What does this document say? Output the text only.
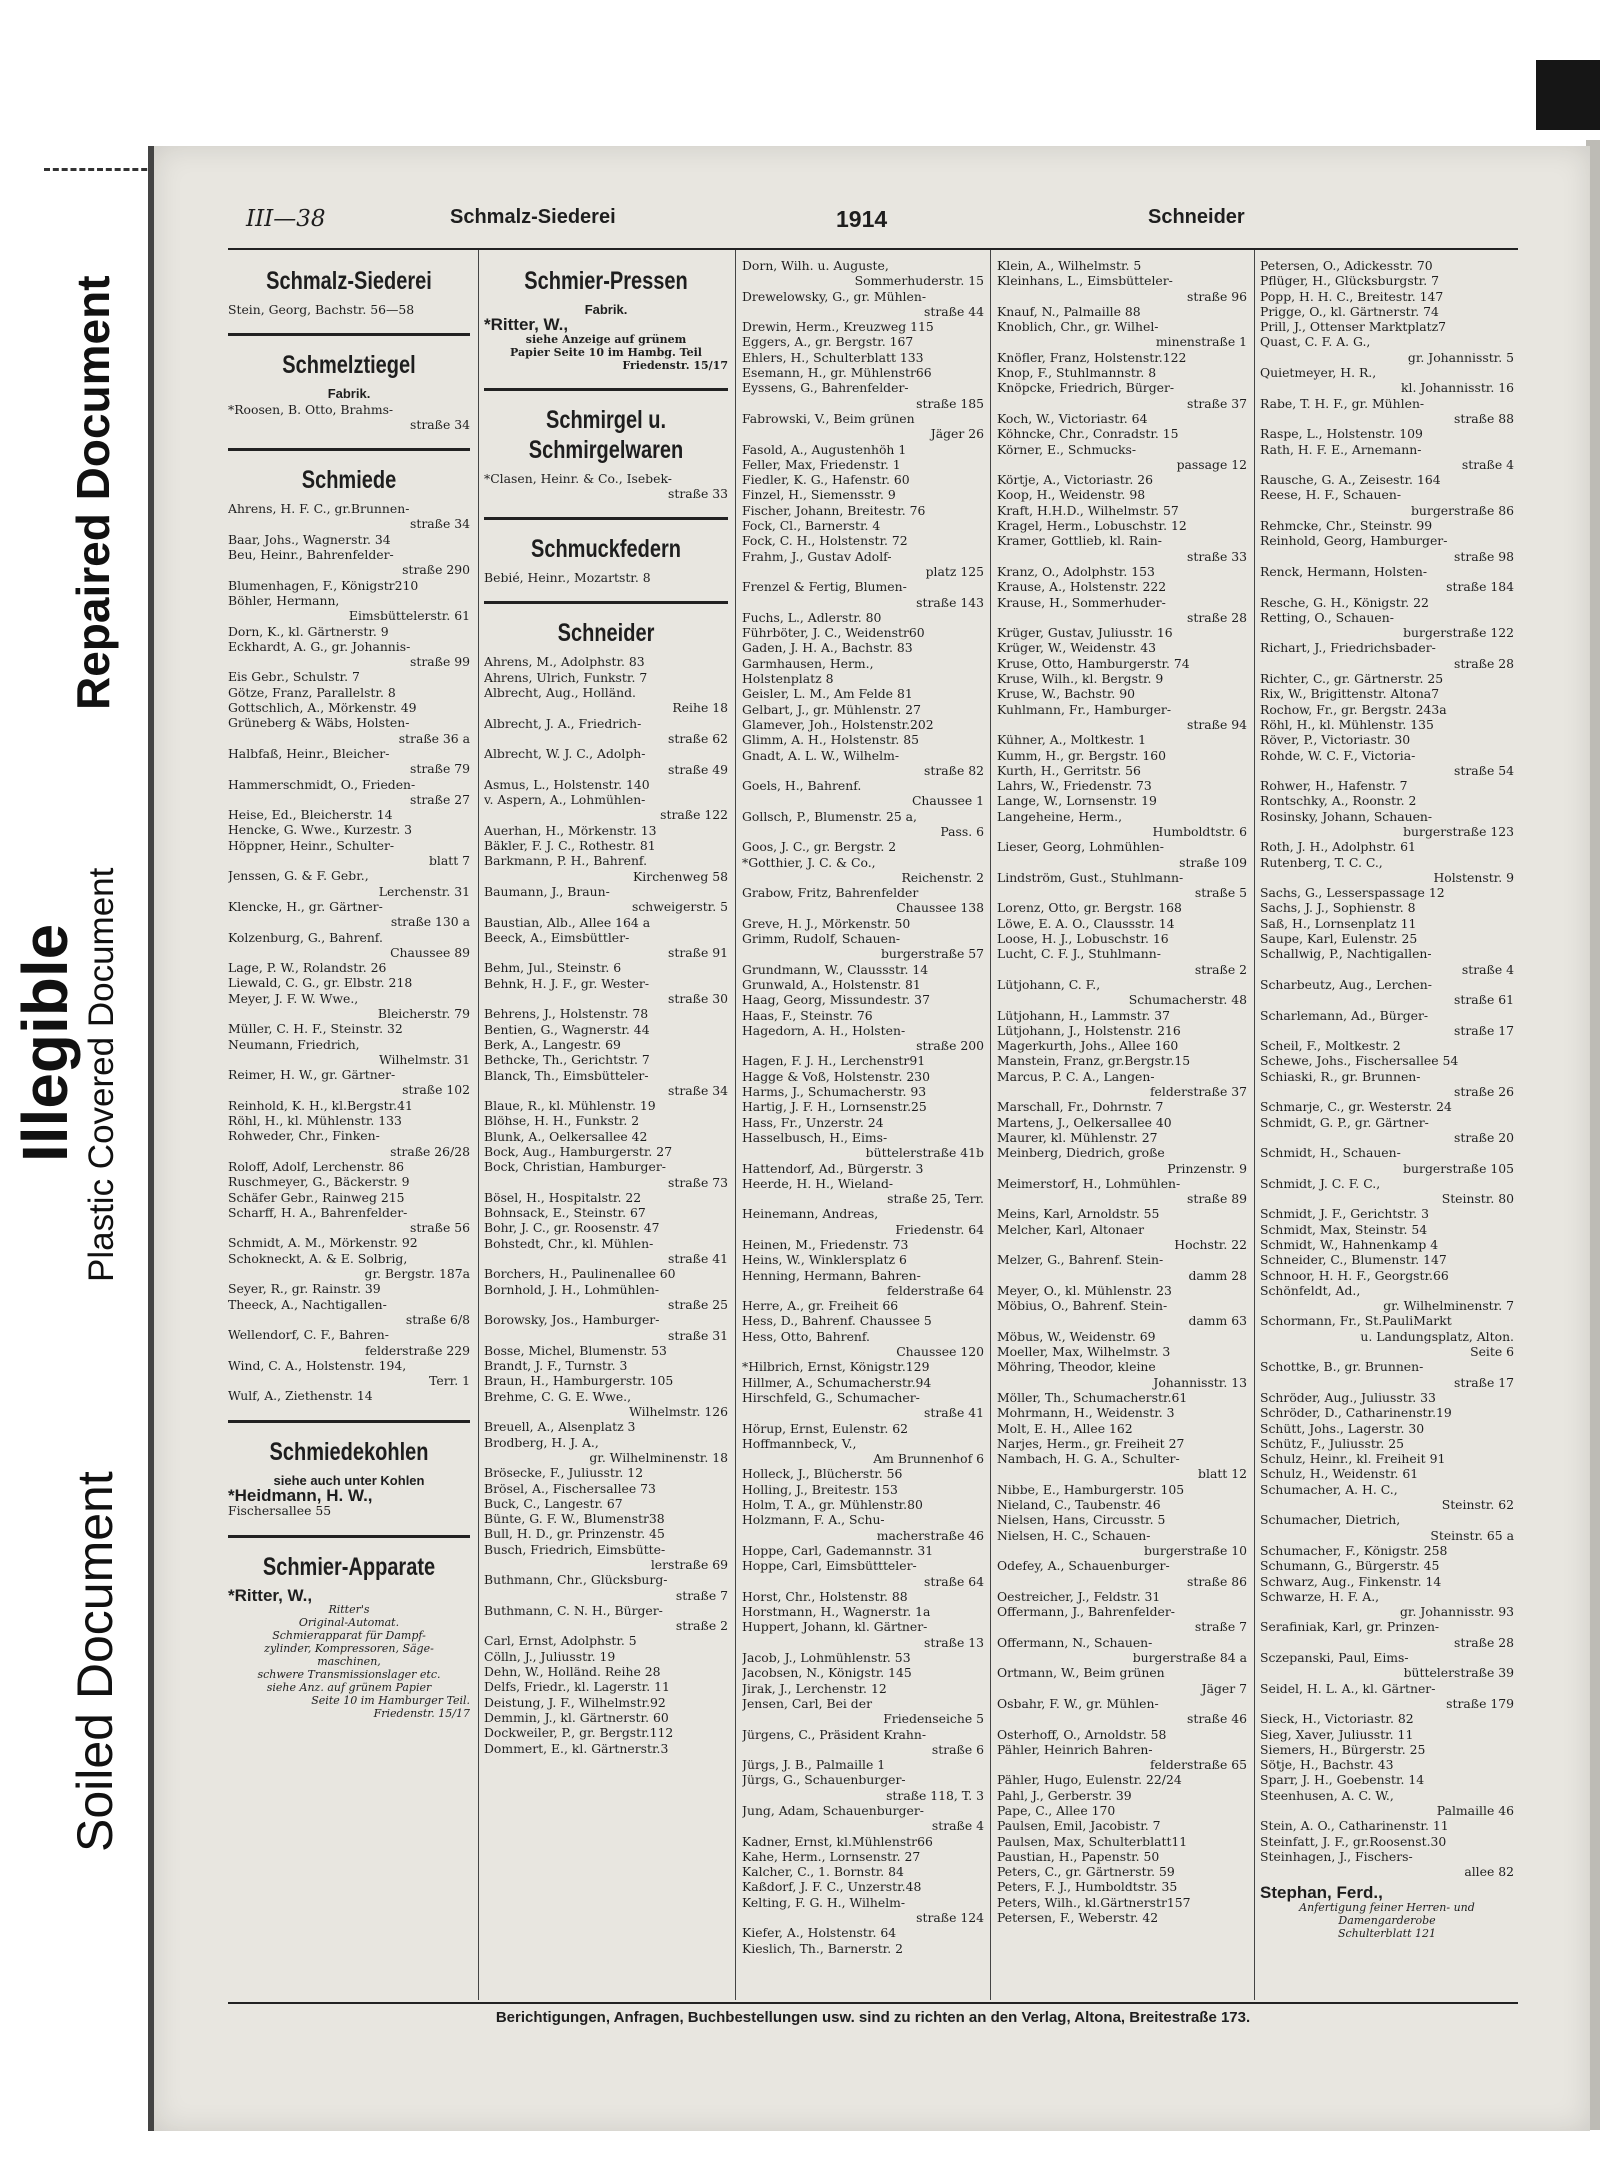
Illegible
Repaired Document
Plastic Covered Document
Soiled Document
III—38	Schmalz-Siederei	1914	Schneider
Schmalz-Siederei
Stein, Georg, Bachstr. 56—58
Schmelztiegel
Fabrik.
*Roosen, B. Otto, Brahms-
straße 34
Schmiede
Ahrens, H. F. C., gr.Brunnen-
straße 34
Baar, Johs., Wagnerstr. 34
Beu, Heinr., Bahrenfelder-
straße 290
Blumenhagen, F., Königstr210
Böhler, Hermann,
Eimsbüttelerstr. 61
Dorn, K., kl. Gärtnerstr. 9
Eckhardt, A. G., gr. Johannis-
straße 99
Eis Gebr., Schulstr. 7
Götze, Franz, Parallelstr. 8
Gottschlich, A., Mörkenstr. 49
Grüneberg & Wäbs, Holsten-
straße 36 a
Halbfaß, Heinr., Bleicher-
straße 79
Hammerschmidt, O., Frieden-
straße 27
Heise, Ed., Bleicherstr. 14
Hencke, G. Wwe., Kurzestr. 3
Höppner, Heinr., Schulter-
blatt 7
Jenssen, G. & F. Gebr.,
Lerchenstr. 31
Klencke, H., gr. Gärtner-
straße 130 a
Kolzenburg, G., Bahrenf.
Chaussee 89
Lage, P. W., Rolandstr. 26
Liewald, C. G., gr. Elbstr. 218
Meyer, J. F. W. Wwe.,
Bleicherstr. 79
Müller, C. H. F., Steinstr. 32
Neumann, Friedrich,
Wilhelmstr. 31
Reimer, H. W., gr. Gärtner-
straße 102
Reinhold, K. H., kl.Bergstr.41
Röhl, H., kl. Mühlenstr. 133
Rohweder, Chr., Finken-
straße 26/28
Roloff, Adolf, Lerchenstr. 86
Ruschmeyer, G., Bäckerstr. 9
Schäfer Gebr., Rainweg 215
Scharff, H. A., Bahrenfelder-
straße 56
Schmidt, A. M., Mörkenstr. 92
Schokneckt, A. & E. Solbrig,
gr. Bergstr. 187a
Seyer, R., gr. Rainstr. 39
Theeck, A., Nachtigallen-
straße 6/8
Wellendorf, C. F., Bahren-
felderstraße 229
Wind, C. A., Holstenstr. 194,
Terr. 1
Wulf, A., Ziethenstr. 14
Schmiedekohlen
siehe auch unter Kohlen
*Heidmann, H. W.,
Fischersallee 55
Schmier-Apparate
*Ritter, W.,
Ritter's
Original-Automat.
Schmierapparat für Dampf-
zylinder, Kompressoren, Säge-
maschinen,
schwere Transmissionslager etc.
siehe Anz. auf grünem Papier
Seite 10 im Hamburger Teil.
Friedenstr. 15/17
Schmier-Pressen
Fabrik.
*Ritter, W.,
siehe Anzeige auf grünem
Papier Seite 10 im Hambg. Teil
Friedenstr. 15/17
Schmirgel u. Schmirgelwaren
*Clasen, Heinr. & Co., Isebek-
straße 33
Schmuckfedern
Bebié, Heinr., Mozartstr. 8
Schneider
Ahrens, M., Adolphstr. 83
Ahrens, Ulrich, Funkstr. 7
Albrecht, Aug., Holländ.
Reihe 18
Albrecht, J. A., Friedrich-
straße 62
Albrecht, W. J. C., Adolph-
straße 49
Asmus, L., Holstenstr. 140
v. Aspern, A., Lohmühlen-
straße 122
Auerhan, H., Mörkenstr. 13
Bäkler, F. J. C., Rothestr. 81
Barkmann, P. H., Bahrenf.
Kirchenweg 58
Baumann, J., Braun-
schweigerstr. 5
Baustian, Alb., Allee 164 a
Beeck, A., Eimsbüttler-
straße 91
Behm, Jul., Steinstr. 6
Behnk, H. J. F., gr. Wester-
straße 30
Behrens, J., Holstenstr. 78
Bentien, G., Wagnerstr. 44
Berk, A., Langestr. 69
Bethcke, Th., Gerichtstr. 7
Blanck, Th., Eimsbütteler-
straße 34
Blaue, R., kl. Mühlenstr. 19
Blöhse, H. H., Funkstr. 2
Blunk, A., Oelkersallee 42
Bock, Aug., Hamburgerstr. 27
Bock, Christian, Hamburger-
straße 73
Bösel, H., Hospitalstr. 22
Bohnsack, E., Steinstr. 67
Bohr, J. C., gr. Roosenstr. 47
Bohstedt, Chr., kl. Mühlen-
straße 41
Borchers, H., Paulinenallee 60
Bornhold, J. H., Lohmühlen-
straße 25
Borowsky, Jos., Hamburger-
straße 31
Bosse, Michel, Blumenstr. 53
Brandt, J. F., Turnstr. 3
Braun, H., Hamburgerstr. 105
Brehme, C. G. E. Wwe.,
Wilhelmstr. 126
Breuell, A., Alsenplatz 3
Brodberg, H. J. A.,
gr. Wilhelminenstr. 18
Brösecke, F., Juliusstr. 12
Brösel, A., Fischersallee 73
Buck, C., Langestr. 67
Bünte, G. F. W., Blumenstr38
Bull, H. D., gr. Prinzenstr. 45
Busch, Friedrich, Eimsbütte-
lerstraße 69
Buthmann, Chr., Glücksburg-
straße 7
Buthmann, C. N. H., Bürger-
straße 2
Carl, Ernst, Adolphstr. 5
Cölln, J., Juliusstr. 19
Dehn, W., Holländ. Reihe 28
Delfs, Friedr., kl. Lagerstr. 11
Deistung, J. F., Wilhelmstr.92
Demmin, J., kl. Gärtnerstr. 60
Dockweiler, P., gr. Bergstr.112
Dommert, E., kl. Gärtnerstr.3
Dorn, Wilh. u. Auguste,
Sommerhuderstr. 15
Drewelowsky, G., gr. Mühlen-
straße 44
Drewin, Herm., Kreuzweg 115
Eggers, A., gr. Bergstr. 167
Ehlers, H., Schulterblatt 133
Esemann, H., gr. Mühlenstr66
Eyssens, G., Bahrenfelder-
straße 185
Fabrowski, V., Beim grünen
Jäger 26
Fasold, A., Augustenhöh 1
Feller, Max, Friedenstr. 1
Fiedler, K. G., Hafenstr. 60
Finzel, H., Siemensstr. 9
Fischer, Johann, Breitestr. 76
Fock, Cl., Barnerstr. 4
Fock, C. H., Holstenstr. 72
Frahm, J., Gustav Adolf-
platz 125
Frenzel & Fertig, Blumen-
straße 143
Fuchs, L., Adlerstr. 80
Führböter, J. C., Weidenstr60
Gaden, J. H. A., Bachstr. 83
Garmhausen, Herm.,
Holstenplatz 8
Geisler, L. M., Am Felde 81
Gelbart, J., gr. Mühlenstr. 27
Glamever, Joh., Holstenstr.202
Glimm, A. H., Holstenstr. 85
Gnadt, A. L. W., Wilhelm-
straße 82
Goels, H., Bahrenf.
Chaussee 1
Gollsch, P., Blumenstr. 25 a,
Pass. 6
Goos, J. C., gr. Bergstr. 2
*Gotthier, J. C. & Co.,
Reichenstr. 2
Grabow, Fritz, Bahrenfelder
Chaussee 138
Greve, H. J., Mörkenstr. 50
Grimm, Rudolf, Schauen-
burgerstraße 57
Grundmann, W., Claussstr. 14
Grunwald, A., Holstenstr. 81
Haag, Georg, Missundestr. 37
Haas, F., Steinstr. 76
Hagedorn, A. H., Holsten-
straße 200
Hagen, F. J. H., Lerchenstr91
Hagge & Voß, Holstenstr. 230
Harms, J., Schumacherstr. 93
Hartig, J. F. H., Lornsenstr.25
Hass, Fr., Unzerstr. 24
Hasselbusch, H., Eims-
büttelerstraße 41b
Hattendorf, Ad., Bürgerstr. 3
Heerde, H. H., Wieland-
straße 25, Terr.
Heinemann, Andreas,
Friedenstr. 64
Heinen, M., Friedenstr. 73
Heins, W., Winklersplatz 6
Henning, Hermann, Bahren-
felderstraße 64
Herre, A., gr. Freiheit 66
Hess, D., Bahrenf. Chaussee 5
Hess, Otto, Bahrenf.
Chaussee 120
*Hilbrich, Ernst, Königstr.129
Hillmer, A., Schumacherstr.94
Hirschfeld, G., Schumacher-
straße 41
Hörup, Ernst, Eulenstr. 62
Hoffmannbeck, V.,
Am Brunnenhof 6
Holleck, J., Blücherstr. 56
Holling, J., Breitestr. 153
Holm, T. A., gr. Mühlenstr.80
Holzmann, F. A., Schu-
macherstraße 46
Hoppe, Carl, Gademannstr. 31
Hoppe, Carl, Eimsbüttteler-
straße 64
Horst, Chr., Holstenstr. 88
Horstmann, H., Wagnerstr. 1a
Huppert, Johann, kl. Gärtner-
straße 13
Jacob, J., Lohmühlenstr. 53
Jacobsen, N., Königstr. 145
Jirak, J., Lerchenstr. 12
Jensen, Carl, Bei der
Friedenseiche 5
Jürgens, C., Präsident Krahn-
straße 6
Jürgs, J. B., Palmaille 1
Jürgs, G., Schauenburger-
straße 118, T. 3
Jung, Adam, Schauenburger-
straße 4
Kadner, Ernst, kl.Mühlenstr66
Kahe, Herm., Lornsenstr. 27
Kalcher, C., 1. Bornstr. 84
Kaßdorf, J. F. C., Unzerstr.48
Kelting, F. G. H., Wilhelm-
straße 124
Kiefer, A., Holstenstr. 64
Kieslich, Th., Barnerstr. 2
Klein, A., Wilhelmstr. 5
Kleinhans, L., Eimsbütteler-
straße 96
Knauf, N., Palmaille 88
Knoblich, Chr., gr. Wilhel-
minenstraße 1
Knöfler, Franz, Holstenstr.122
Knop, F., Stuhlmannstr. 8
Knöpcke, Friedrich, Bürger-
straße 37
Koch, W., Victoriastr. 64
Köhncke, Chr., Conradstr. 15
Körner, E., Schmucks-
passage 12
Körtje, A., Victoriastr. 26
Koop, H., Weidenstr. 98
Kraft, H.H.D., Wilhelmstr. 57
Kragel, Herm., Lobuschstr. 12
Kramer, Gottlieb, kl. Rain-
straße 33
Kranz, O., Adolphstr. 153
Krause, A., Holstenstr. 222
Krause, H., Sommerhuder-
straße 28
Krüger, Gustav, Juliusstr. 16
Krüger, W., Weidenstr. 43
Kruse, Otto, Hamburgerstr. 74
Kruse, Wilh., kl. Bergstr. 9
Kruse, W., Bachstr. 90
Kuhlmann, Fr., Hamburger-
straße 94
Kühner, A., Moltkestr. 1
Kumm, H., gr. Bergstr. 160
Kurth, H., Gerritstr. 56
Lahrs, W., Friedenstr. 73
Lange, W., Lornsenstr. 19
Langeheine, Herm.,
Humboldtstr. 6
Lieser, Georg, Lohmühlen-
straße 109
Lindström, Gust., Stuhlmann-
straße 5
Lorenz, Otto, gr. Bergstr. 168
Löwe, E. A. O., Claussstr. 14
Loose, H. J., Lobuschstr. 16
Lucht, C. F. J., Stuhlmann-
straße 2
Lütjohann, C. F.,
Schumacherstr. 48
Lütjohann, H., Lammstr. 37
Lütjohann, J., Holstenstr. 216
Magerkurth, Johs., Allee 160
Manstein, Franz, gr.Bergstr.15
Marcus, P. C. A., Langen-
felderstraße 37
Marschall, Fr., Dohrnstr. 7
Martens, J., Oelkersallee 40
Maurer, kl. Mühlenstr. 27
Meinberg, Diedrich, große
Prinzenstr. 9
Meimerstorf, H., Lohmühlen-
straße 89
Meins, Karl, Arnoldstr. 55
Melcher, Karl, Altonaer
Hochstr. 22
Melzer, G., Bahrenf. Stein-
damm 28
Meyer, O., kl. Mühlenstr. 23
Möbius, O., Bahrenf. Stein-
damm 63
Möbus, W., Weidenstr. 69
Moeller, Max, Wilhelmstr. 3
Möhring, Theodor, kleine
Johannisstr. 13
Möller, Th., Schumacherstr.61
Mohrmann, H., Weidenstr. 3
Molt, E. H., Allee 162
Narjes, Herm., gr. Freiheit 27
Nambach, H. G. A., Schulter-
blatt 12
Nibbe, E., Hamburgerstr. 105
Nieland, C., Taubenstr. 46
Nielsen, Hans, Circusstr. 5
Nielsen, H. C., Schauen-
burgerstraße 10
Odefey, A., Schauenburger-
straße 86
Oestreicher, J., Feldstr. 31
Offermann, J., Bahrenfelder-
straße 7
Offermann, N., Schauen-
burgerstraße 84 a
Ortmann, W., Beim grünen
Jäger 7
Osbahr, F. W., gr. Mühlen-
straße 46
Osterhoff, O., Arnoldstr. 58
Pähler, Heinrich Bahren-
felderstraße 65
Pähler, Hugo, Eulenstr. 22/24
Pahl, J., Gerberstr. 39
Pape, C., Allee 170
Paulsen, Emil, Jacobistr. 7
Paulsen, Max, Schulterblatt11
Paustian, H., Papenstr. 50
Peters, C., gr. Gärtnerstr. 59
Peters, F. J., Humboldtstr. 35
Peters, Wilh., kl.Gärtnerstr157
Petersen, F., Weberstr. 42
Petersen, O., Adickesstr. 70
Pflüger, H., Glücksburgstr. 7
Popp, H. H. C., Breitestr. 147
Prigge, O., kl. Gärtnerstr. 74
Prill, J., Ottenser Marktplatz7
Quast, C. F. A. G.,
gr. Johannisstr. 5
Quietmeyer, H. R.,
kl. Johannisstr. 16
Rabe, T. H. F., gr. Mühlen-
straße 88
Raspe, L., Holstenstr. 109
Rath, H. F. E., Arnemann-
straße 4
Rausche, G. A., Zeisestr. 164
Reese, H. F., Schauen-
burgerstraße 86
Rehmcke, Chr., Steinstr. 99
Reinhold, Georg, Hamburger-
straße 98
Renck, Hermann, Holsten-
straße 184
Resche, G. H., Königstr. 22
Retting, O., Schauen-
burgerstraße 122
Richart, J., Friedrichsbader-
straße 28
Richter, C., gr. Gärtnerstr. 25
Rix, W., Brigittenstr. Altona7
Rochow, Fr., gr. Bergstr. 243a
Röhl, H., kl. Mühlenstr. 135
Röver, P., Victoriastr. 30
Rohde, W. C. F., Victoria-
straße 54
Rohwer, H., Hafenstr. 7
Rontschky, A., Roonstr. 2
Rosinsky, Johann, Schauen-
burgerstraße 123
Roth, J. H., Adolphstr. 61
Rutenberg, T. C. C.,
Holstenstr. 9
Sachs, G., Lesserspassage 12
Sachs, J. J., Sophienstr. 8
Saß, H., Lornsenplatz 11
Saupe, Karl, Eulenstr. 25
Schallwig, P., Nachtigallen-
straße 4
Scharbeutz, Aug., Lerchen-
straße 61
Scharlemann, Ad., Bürger-
straße 17
Scheil, F., Moltkestr. 2
Schewe, Johs., Fischersallee 54
Schiaski, R., gr. Brunnen-
straße 26
Schmarje, C., gr. Westerstr. 24
Schmidt, G. P., gr. Gärtner-
straße 20
Schmidt, H., Schauen-
burgerstraße 105
Schmidt, J. C. F. C.,
Steinstr. 80
Schmidt, J. F., Gerichtstr. 3
Schmidt, Max, Steinstr. 54
Schmidt, W., Hahnenkamp 4
Schneider, C., Blumenstr. 147
Schnoor, H. H. F., Georgstr.66
Schönfeldt, Ad.,
gr. Wilhelminenstr. 7
Schormann, Fr., St.PauliMarkt
u. Landungsplatz, Alton.
Seite 6
Schottke, B., gr. Brunnen-
straße 17
Schröder, Aug., Juliusstr. 33
Schröder, D., Catharinenstr.19
Schütt, Johs., Lagerstr. 30
Schütz, F., Juliusstr. 25
Schulz, Heinr., kl. Freiheit 91
Schulz, H., Weidenstr. 61
Schumacher, A. H. C.,
Steinstr. 62
Schumacher, Dietrich,
Steinstr. 65 a
Schumacher, F., Königstr. 258
Schumann, G., Bürgerstr. 45
Schwarz, Aug., Finkenstr. 14
Schwarze, H. F. A.,
gr. Johannisstr. 93
Serafiniak, Karl, gr. Prinzen-
straße 28
Sczepanski, Paul, Eims-
büttelerstraße 39
Seidel, H. L. A., kl. Gärtner-
straße 179
Sieck, H., Victoriastr. 82
Sieg, Xaver, Juliusstr. 11
Siemers, H., Bürgerstr. 25
Sötje, H., Bachstr. 43
Sparr, J. H., Goebenstr. 14
Steenhusen, A. C. W.,
Palmaille 46
Stein, A. O., Catharinenstr. 11
Steinfatt, J. F., gr.Roosenst.30
Steinhagen, J., Fischers-
allee 82
Stephan, Ferd.,
Anfertigung feiner Herren- und
Damengarderobe
Schulterblatt 121
Berichtigungen, Anfragen, Buchbestellungen usw. sind zu richten an den Verlag, Altona, Breitestraße 173.
